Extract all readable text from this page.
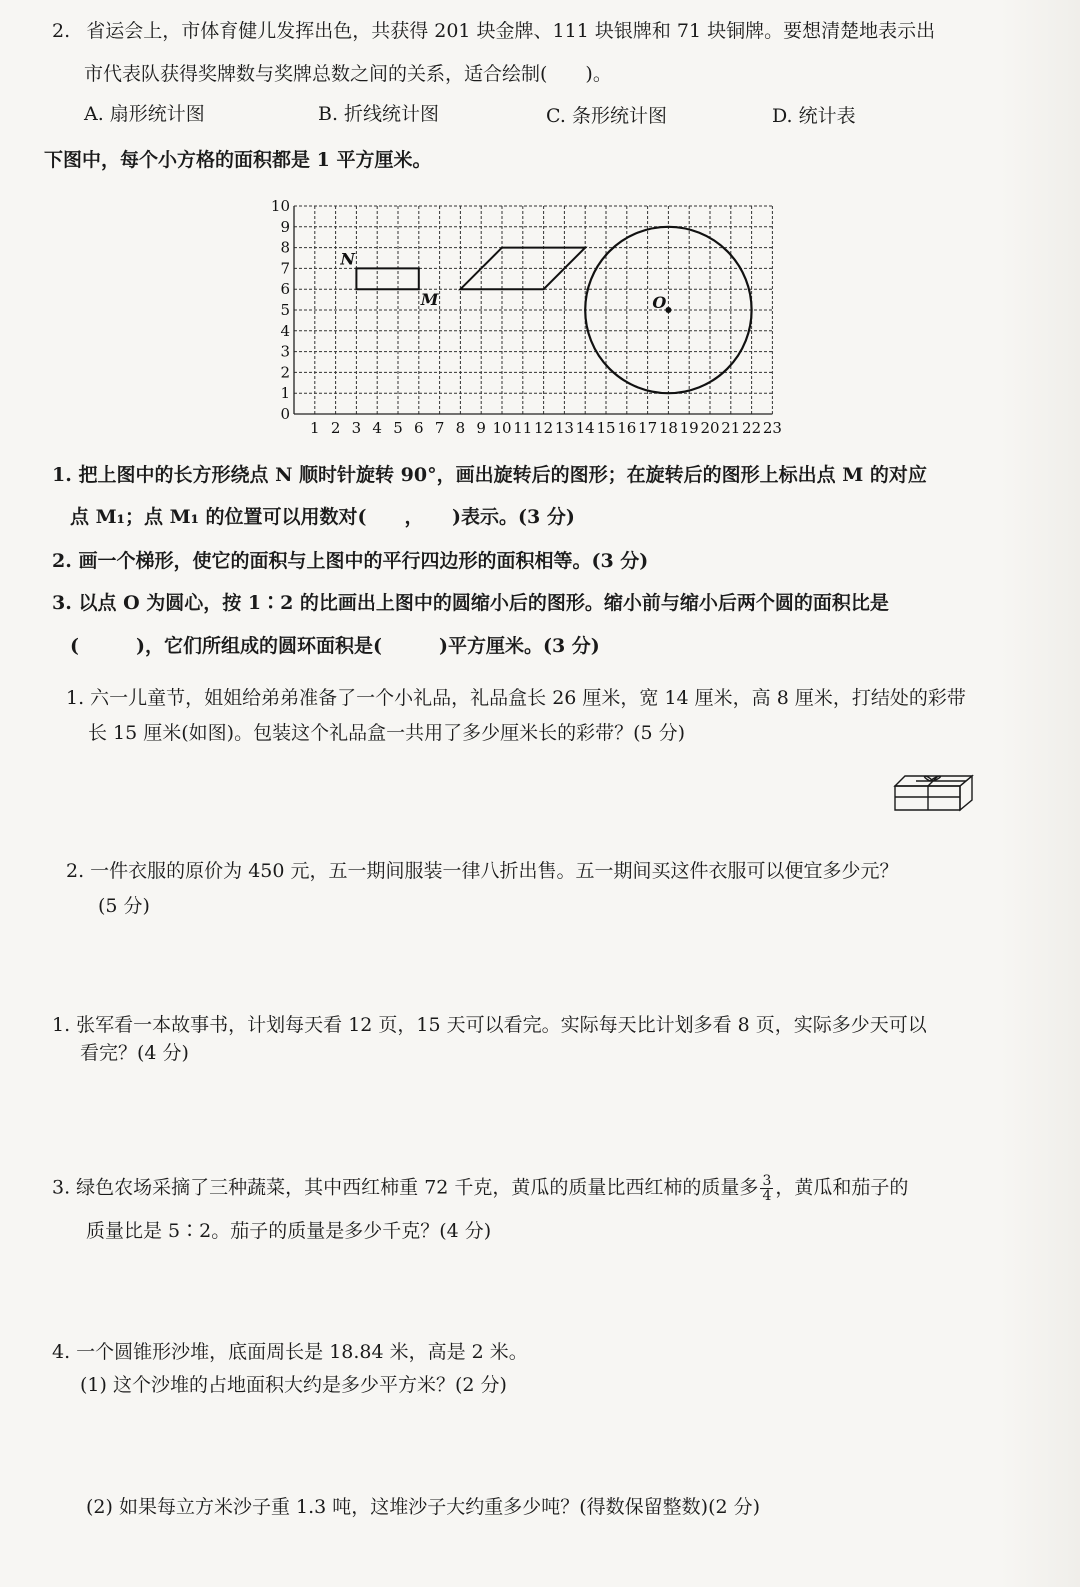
2. 省运会上，市体育健儿发挥出色，共获得 201 块金牌、111 块银牌和 71 块铜牌。要想清楚地表示出
市代表队获得奖牌数与奖牌总数之间的关系，适合绘制(　　)。
A. 扇形统计图	B. 折线统计图	C. 条形统计图	D. 统计表
下图中，每个小方格的面积都是 1 平方厘米。
1 2 3 4 5 6 7 8 9 10 11 12 13 14 15 16 17 18 19 20 21 22 23
0
1
2
3
4
5
6
7
8
9
10
N
M	O
1. 把上图中的长方形绕点 N 顺时针旋转 90°，画出旋转后的图形；在旋转后的图形上标出点 M 的对应
点 M₁；点 M₁ 的位置可以用数对(　　，　　)表示。(3 分)
2. 画一个梯形，使它的面积与上图中的平行四边形的面积相等。(3 分)
3. 以点 O 为圆心，按 1∶2 的比画出上图中的圆缩小后的图形。缩小前与缩小后两个圆的面积比是
(　　　)，它们所组成的圆环面积是(　　　)平方厘米。(3 分)
1. 六一儿童节，姐姐给弟弟准备了一个小礼品，礼品盒长 26 厘米，宽 14 厘米，高 8 厘米，打结处的彩带
长 15 厘米(如图)。包装这个礼品盒一共用了多少厘米长的彩带？(5 分)
2. 一件衣服的原价为 450 元，五一期间服装一律八折出售。五一期间买这件衣服可以便宜多少元？
(5 分)
1. 张军看一本故事书，计划每天看 12 页，15 天可以看完。实际每天比计划多看 8 页，实际多少天可以
看完？(4 分)
3. 绿色农场采摘了三种蔬菜，其中西红柿重 72 千克，黄瓜的质量比西红柿的质量多 $\frac{3}{4}$ ，黄瓜和茄子的
质量比是 5∶2。茄子的质量是多少千克？(4 分)
4. 一个圆锥形沙堆，底面周长是 18.84 米，高是 2 米。
(1) 这个沙堆的占地面积大约是多少平方米？(2 分)
(2) 如果每立方米沙子重 1.3 吨，这堆沙子大约重多少吨？(得数保留整数)(2 分)
